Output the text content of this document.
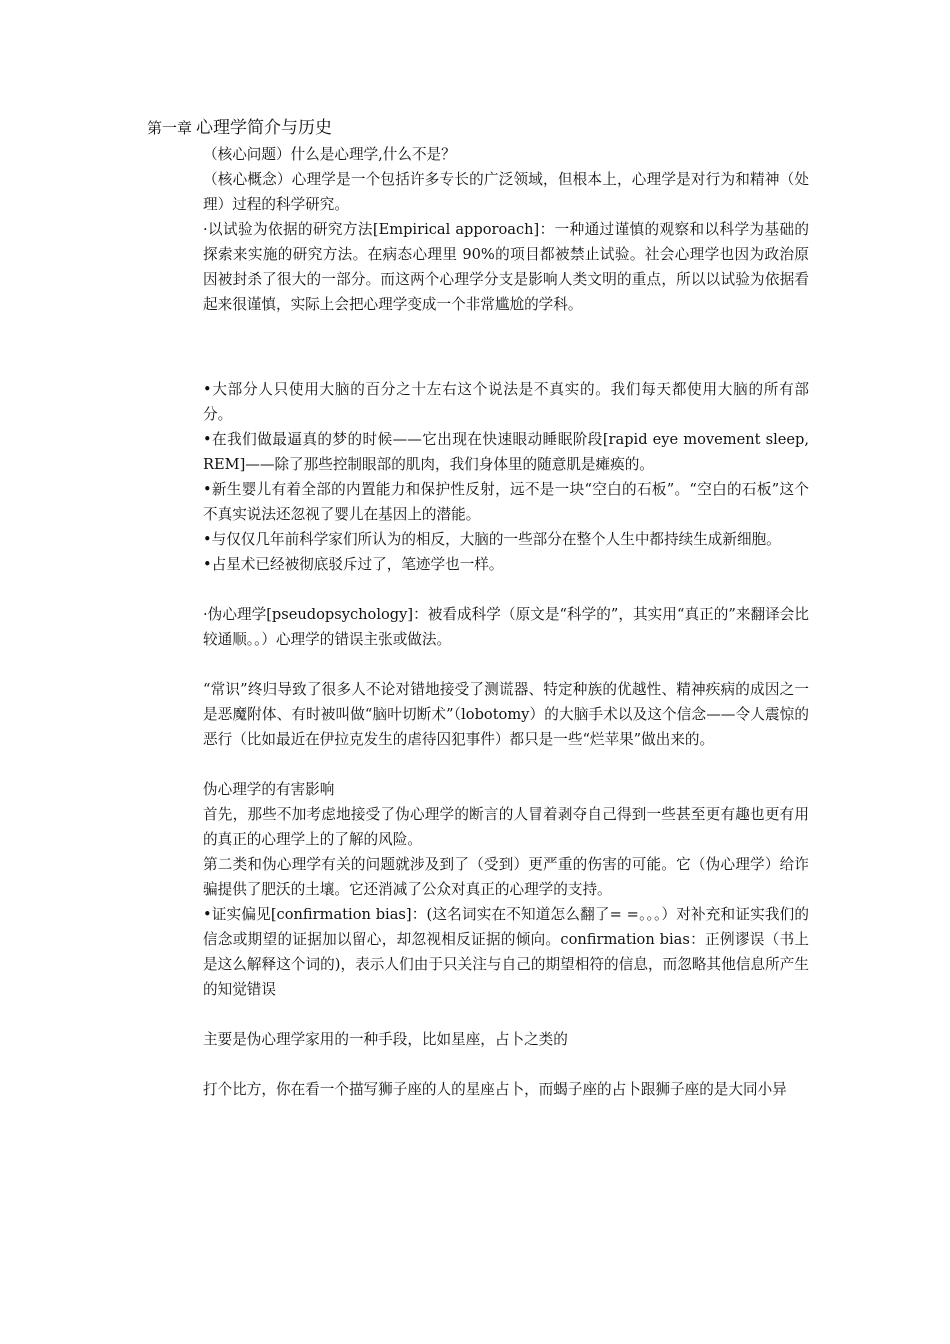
第一章 心理学简介与历史

（核心问题）什么是心理学,什么不是？

（核心概念）心理学是一个包括许多专长的广泛领域，但根本上，心理学是对行为和精神（处理）过程的科学研究。

·以试验为依据的研究方法[Empirical apporoach]：一种通过谨慎的观察和以科学为基础的探索来实施的研究方法。在病态心理里 90%的项目都被禁止试验。社会心理学也因为政治原因被封杀了很大的一部分。而这两个心理学分支是影响人类文明的重点，所以以试验为依据看起来很谨慎，实际上会把心理学变成一个非常尴尬的学科。

•大部分人只使用大脑的百分之十左右这个说法是不真实的。我们每天都使用大脑的所有部分。

•在我们做最逼真的梦的时候——它出现在快速眼动睡眠阶段[rapid eye movement sleep, REM]——除了那些控制眼部的肌肉，我们身体里的随意肌是瘫痪的。

•新生婴儿有着全部的内置能力和保护性反射，远不是一块“空白的石板”。“空白的石板”这个不真实说法还忽视了婴儿在基因上的潜能。

•与仅仅几年前科学家们所认为的相反，大脑的一些部分在整个人生中都持续生成新细胞。

•占星术已经被彻底驳斥过了，笔迹学也一样。

·伪心理学[pseudopsychology]：被看成科学（原文是“科学的”，其实用“真正的”来翻译会比较通顺。。）心理学的错误主张或做法。

“常识”终归导致了很多人不论对错地接受了测谎器、特定种族的优越性、精神疾病的成因之一是恶魔附体、有时被叫做“脑叶切断术”（lobotomy）的大脑手术以及这个信念——令人震惊的恶行（比如最近在伊拉克发生的虐待囚犯事件）都只是一些“烂苹果”做出来的。

伪心理学的有害影响

首先，那些不加考虑地接受了伪心理学的断言的人冒着剥夺自己得到一些甚至更有趣也更有用的真正的心理学上的了解的风险。

第二类和伪心理学有关的问题就涉及到了（受到）更严重的伤害的可能。它（伪心理学）给诈骗提供了肥沃的土壤。它还消减了公众对真正的心理学的支持。

•证实偏见[confirmation bias]：(这名词实在不知道怎么翻了= =。。。）对补充和证实我们的信念或期望的证据加以留心，却忽视相反证据的倾向。confirmation bias：正例谬误（书上是这么解释这个词的)，表示人们由于只关注与自己的期望相符的信息，而忽略其他信息所产生的知觉错误

主要是伪心理学家用的一种手段，比如星座，占卜之类的

打个比方，你在看一个描写狮子座的人的星座占卜，而蝎子座的占卜跟狮子座的是大同小异
